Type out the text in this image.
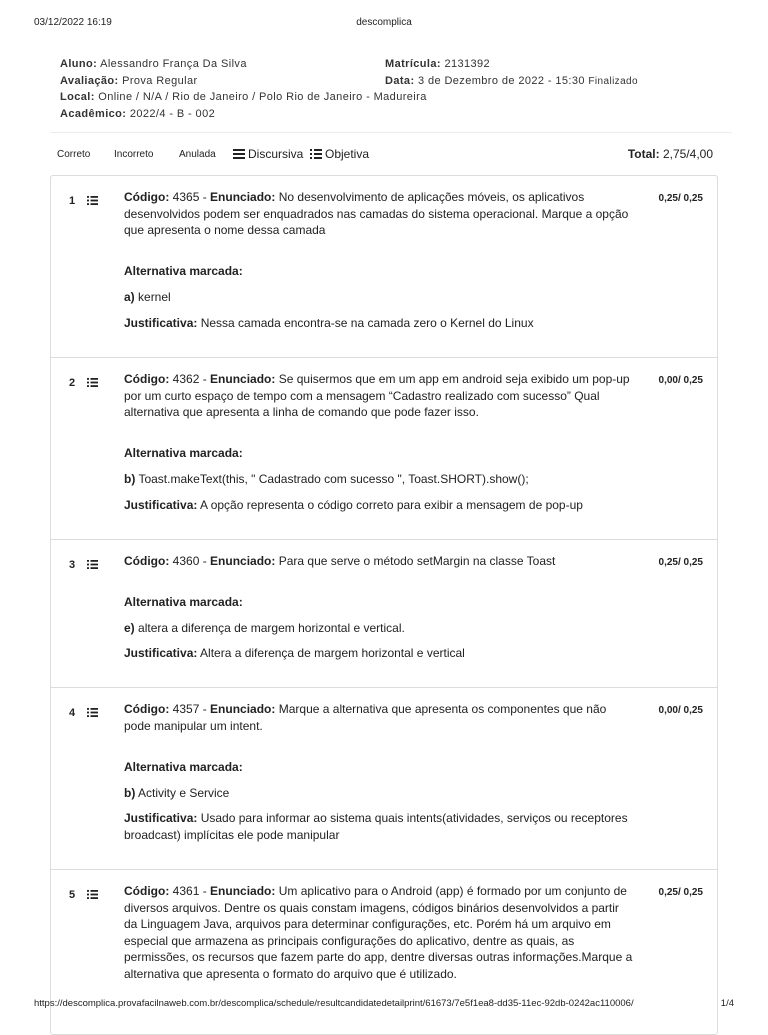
03/12/2022 16:19	descomplica
Aluno: Alessandro França Da Silva	Matrícula: 2131392
Avaliação: Prova Regular	Data: 3 de Dezembro de 2022 - 15:30 Finalizado
Local: Online / N/A / Rio de Janeiro / Polo Rio de Janeiro - Madureira
Acadêmico: 2022/4 - B - 002
Correto Incorreto	Anulada	Discursiva	Objetiva	Total: 2,75/4,00
1	0,25/ 0,25
Código: 4365 - Enunciado: No desenvolvimento de aplicações móveis, os aplicativos desenvolvidos podem ser enquadrados nas camadas do sistema operacional. Marque a opção que apresenta o nome dessa camada
Alternativa marcada:
a) kernel
Justificativa: Nessa camada encontra-se na camada zero o Kernel do Linux
2	0,00/ 0,25
Código: 4362 - Enunciado: Se quisermos que em um app em android seja exibido um pop-up por um curto espaço de tempo com a mensagem “Cadastro realizado com sucesso” Qual alternativa que apresenta a linha de comando que pode fazer isso.
Alternativa marcada:
b) Toast.makeText(this, " Cadastrado com sucesso ", Toast.SHORT).show();
Justificativa: A opção representa o código correto para exibir a mensagem de pop-up
3	0,25/ 0,25
Código: 4360 - Enunciado: Para que serve o método setMargin na classe Toast
Alternativa marcada:
e) altera a diferença de margem horizontal e vertical.
Justificativa: Altera a diferença de margem horizontal e vertical
4	0,00/ 0,25
Código: 4357 - Enunciado: Marque a alternativa que apresenta os componentes que não pode manipular um intent.
Alternativa marcada:
b) Activity e Service
Justificativa: Usado para informar ao sistema quais intents(atividades, serviços ou receptores broadcast) implícitas ele pode manipular
5	0,25/ 0,25
Código: 4361 - Enunciado: Um aplicativo para o Android (app) é formado por um conjunto de diversos arquivos. Dentre os quais constam imagens, códigos binários desenvolvidos a partir da Linguagem Java, arquivos para determinar configurações, etc. Porém há um arquivo em especial que armazena as principais configurações do aplicativo, dentre as quais, as permissões, os recursos que fazem parte do app, dentre diversas outras informações.Marque a alternativa que apresenta o formato do arquivo que é utilizado.
https://descomplica.provafacilnaweb.com.br/descomplica/schedule/resultcandidatedetailprint/61673/7e5f1ea8-dd35-11ec-92db-0242ac110006/	1/4
